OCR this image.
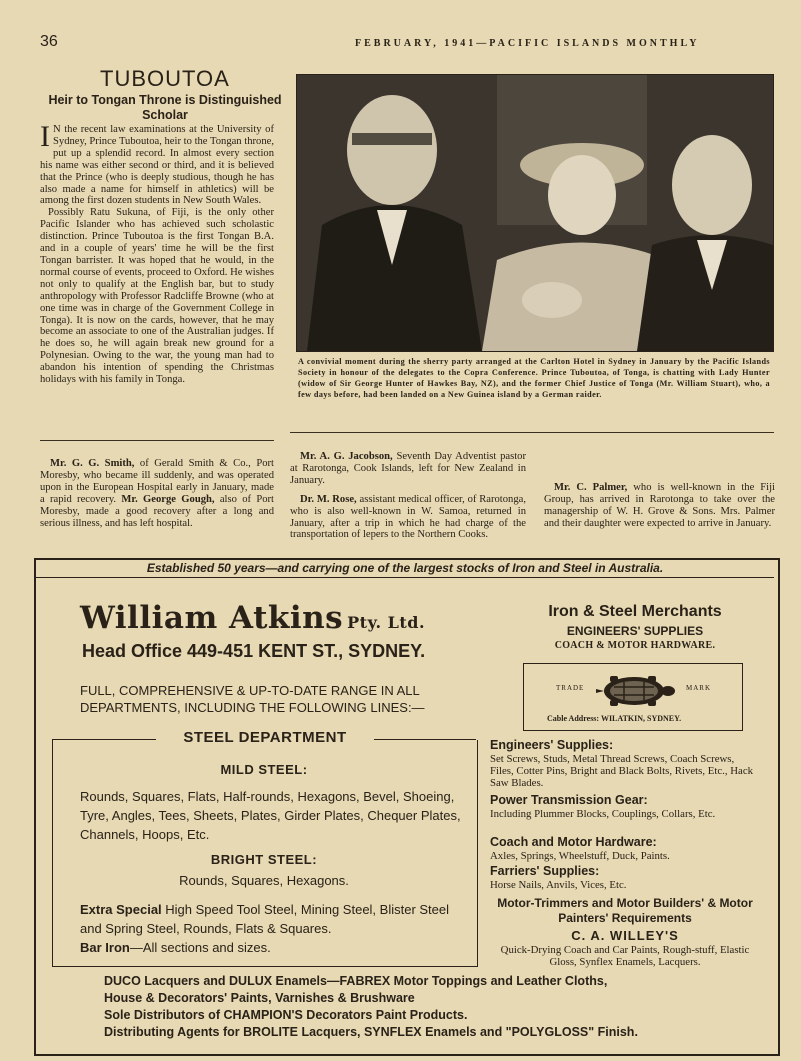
36	FEBRUARY, 1941—PACIFIC ISLANDS MONTHLY
TUBOUTOA
Heir to Tongan Throne is Distinguished Scholar

I N the recent law examinations at the University of Sydney, Prince Tuboutoa, heir to the Tongan throne, put up a splendid record. In almost every section his name was either second or third, and it is believed that the Prince (who is deeply studious, though he has also made a name for himself in athletics) will be among the first dozen students in New South Wales.

Possibly Ratu Sukuna, of Fiji, is the only other Pacific Islander who has achieved such scholastic distinction. Prince Tuboutoa is the first Tongan B.A. and in a couple of years' time he will be the first Tongan barrister. It was hoped that he would, in the normal course of events, proceed to Oxford. He wishes not only to qualify at the English bar, but to study anthropology with Professor Radcliffe Browne (who at one time was in charge of the Government College in Tonga). It is now on the cards, however, that he may become an associate to one of the Australian judges. If he does so, he will again break new ground for a Polynesian. Owing to the war, the young man had to abandon his intention of spending the Christmas holidays with his family in Tonga.

A convivial moment during the sherry party arranged at the Carlton Hotel in Sydney in January by the Pacific Islands Society in honour of the delegates to the Copra Conference. Prince Tuboutoa, of Tonga, is chatting with Lady Hunter (widow of Sir George Hunter of Hawkes Bay, NZ), and the former Chief Justice of Tonga (Mr. William Stuart), who, a few days before, had been landed on a New Guinea island by a German raider.

Mr. G. G. Smith, of Gerald Smith & Co., Port Moresby, who became ill suddenly, and was operated upon in the European Hospital early in January, made a rapid recovery. Mr. George Gough, also of Port Moresby, made a good recovery after a long and serious illness, and has left hospital.

Mr. A. G. Jacobson, Seventh Day Adventist pastor at Rarotonga, Cook Islands, left for New Zealand in January.

Dr. M. Rose, assistant medical officer, of Rarotonga, who is also well-known in W. Samoa, returned in January, after a trip in which he had charge of the transportation of lepers to the Northern Cooks.

Mr. C. Palmer, who is well-known in the Fiji Group, has arrived in Rarotonga to take over the managership of W. H. Grove & Sons. Mrs. Palmer and their daughter were expected to arrive in January.

Established 50 years—and carrying one of the largest stocks of Iron and Steel in Australia.
William Atkins Pty. Ltd.
Head Office 449-451 KENT ST., SYDNEY.
FULL, COMPREHENSIVE & UP-TO-DATE RANGE IN ALL DEPARTMENTS, INCLUDING THE FOLLOWING LINES:—
Iron & Steel Merchants
ENGINEERS' SUPPLIES
COACH & MOTOR HARDWARE.
TRADE	MARK
Cable Address: WILATKIN, SYDNEY.
STEEL DEPARTMENT
MILD STEEL:
Rounds, Squares, Flats, Half-rounds, Hexagons, Bevel, Shoeing, Tyre, Angles, Tees, Sheets, Plates, Girder Plates, Chequer Plates, Channels, Hoops, Etc.
BRIGHT STEEL:
Rounds, Squares, Hexagons.
Extra Special High Speed Tool Steel, Mining Steel, Blister Steel and Spring Steel, Rounds, Flats & Squares.
Bar Iron—All sections and sizes.
Engineers' Supplies:
Set Screws, Studs, Metal Thread Screws, Coach Screws, Files, Cotter Pins, Bright and Black Bolts, Rivets, Etc., Hack Saw Blades.
Power Transmission Gear:
Including Plummer Blocks, Couplings, Collars, Etc.
Coach and Motor Hardware:
Axles, Springs, Wheelstuff, Duck, Paints.
Farriers' Supplies:
Horse Nails, Anvils, Vices, Etc.
Motor-Trimmers and Motor Builders' & Motor Painters' Requirements
C. A. WILLEY'S
Quick-Drying Coach and Car Paints, Rough-stuff, Elastic Gloss, Synflex Enamels, Lacquers.
DUCO Lacquers and DULUX Enamels—FABREX Motor Toppings and Leather Cloths,
House & Decorators' Paints, Varnishes & Brushware
Sole Distributors of CHAMPION'S Decorators Paint Products.
Distributing Agents for BROLITE Lacquers, SYNFLEX Enamels and "POLYGLOSS" Finish.
